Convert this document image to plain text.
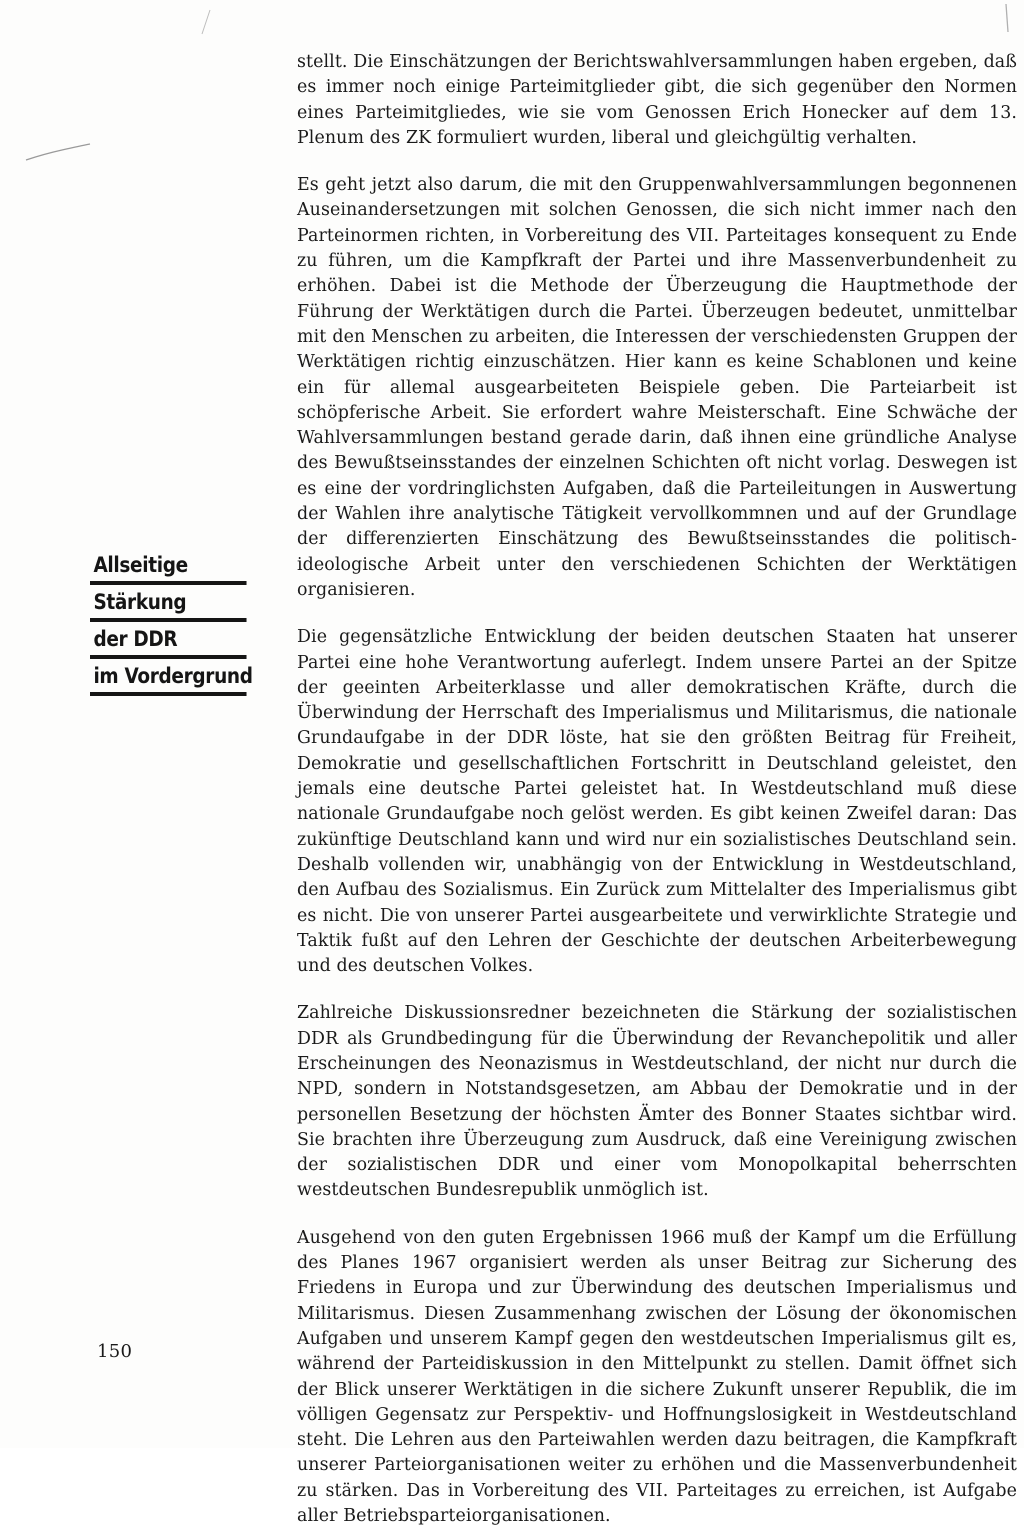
Allseitige
Stärkung
der DDR
im Vordergrund

stellt. Die Einschätzungen der Berichtswahlversammlungen haben ergeben, daß es immer noch einige Parteimitglieder gibt, die sich gegenüber den Normen eines Parteimitgliedes, wie sie vom Genossen Erich Honecker auf dem 13. Plenum des ZK formuliert wurden, liberal und gleichgültig verhalten.

Es geht jetzt also darum, die mit den Gruppenwahlversammlungen begonnenen Auseinandersetzungen mit solchen Genossen, die sich nicht immer nach den Parteinormen richten, in Vorbereitung des VII. Parteitages konsequent zu Ende zu führen, um die Kampfkraft der Partei und ihre Massenverbundenheit zu erhöhen. Dabei ist die Methode der Überzeugung die Hauptmethode der Führung der Werktätigen durch die Partei. Überzeugen bedeutet, unmittelbar mit den Menschen zu arbeiten, die Interessen der verschiedensten Gruppen der Werktätigen richtig einzuschätzen. Hier kann es keine Schablonen und keine ein für allemal ausgearbeiteten Beispiele geben. Die Parteiarbeit ist schöpferische Arbeit. Sie erfordert wahre Meisterschaft. Eine Schwäche der Wahlversammlungen bestand gerade darin, daß ihnen eine gründliche Analyse des Bewußtseinsstandes der einzelnen Schichten oft nicht vorlag. Deswegen ist es eine der vordringlichsten Aufgaben, daß die Parteileitungen in Auswertung der Wahlen ihre analytische Tätigkeit vervollkommnen und auf der Grundlage der differenzierten Einschätzung des Bewußtseinsstandes die politisch-ideologische Arbeit unter den verschiedenen Schichten der Werktätigen organisieren.

Die gegensätzliche Entwicklung der beiden deutschen Staaten hat unserer Partei eine hohe Verantwortung auferlegt. Indem unsere Partei an der Spitze der geeinten Arbeiterklasse und aller demokratischen Kräfte, durch die Überwindung der Herrschaft des Imperialismus und Militarismus, die nationale Grundaufgabe in der DDR löste, hat sie den größten Beitrag für Freiheit, Demokratie und gesellschaftlichen Fortschritt in Deutschland geleistet, den jemals eine deutsche Partei geleistet hat. In Westdeutschland muß diese nationale Grundaufgabe noch gelöst werden. Es gibt keinen Zweifel daran: Das zukünftige Deutschland kann und wird nur ein sozialistisches Deutschland sein. Deshalb vollenden wir, unabhängig von der Entwicklung in Westdeutschland, den Aufbau des Sozialismus. Ein Zurück zum Mittelalter des Imperialismus gibt es nicht. Die von unserer Partei ausgearbeitete und verwirklichte Strategie und Taktik fußt auf den Lehren der Geschichte der deutschen Arbeiterbewegung und des deutschen Volkes.

Zahlreiche Diskussionsredner bezeichneten die Stärkung der sozialistischen DDR als Grundbedingung für die Überwindung der Revanchepolitik und aller Erscheinungen des Neonazismus in Westdeutschland, der nicht nur durch die NPD, sondern in Notstandsgesetzen, am Abbau der Demokratie und in der personellen Besetzung der höchsten Ämter des Bonner Staates sichtbar wird. Sie brachten ihre Überzeugung zum Ausdruck, daß eine Vereinigung zwischen der sozialistischen DDR und einer vom Monopolkapital beherrschten westdeutschen Bundesrepublik unmöglich ist.

Ausgehend von den guten Ergebnissen 1966 muß der Kampf um die Erfüllung des Planes 1967 organisiert werden als unser Beitrag zur Sicherung des Friedens in Europa und zur Überwindung des deutschen Imperialismus und Militarismus. Diesen Zusammenhang zwischen der Lösung der ökonomischen Aufgaben und unserem Kampf gegen den westdeutschen Imperialismus gilt es, während der Parteidiskussion in den Mittelpunkt zu stellen. Damit öffnet sich der Blick unserer Werktätigen in die sichere Zukunft unserer Republik, die im völligen Gegensatz zur Perspektiv- und Hoffnungslosigkeit in Westdeutschland steht. Die Lehren aus den Parteiwahlen werden dazu beitragen, die Kampfkraft unserer Parteiorganisationen weiter zu erhöhen und die Massenverbundenheit zu stärken. Das in Vorbereitung des VII. Parteitages zu erreichen, ist Aufgabe aller Betriebsparteiorganisationen.

150
